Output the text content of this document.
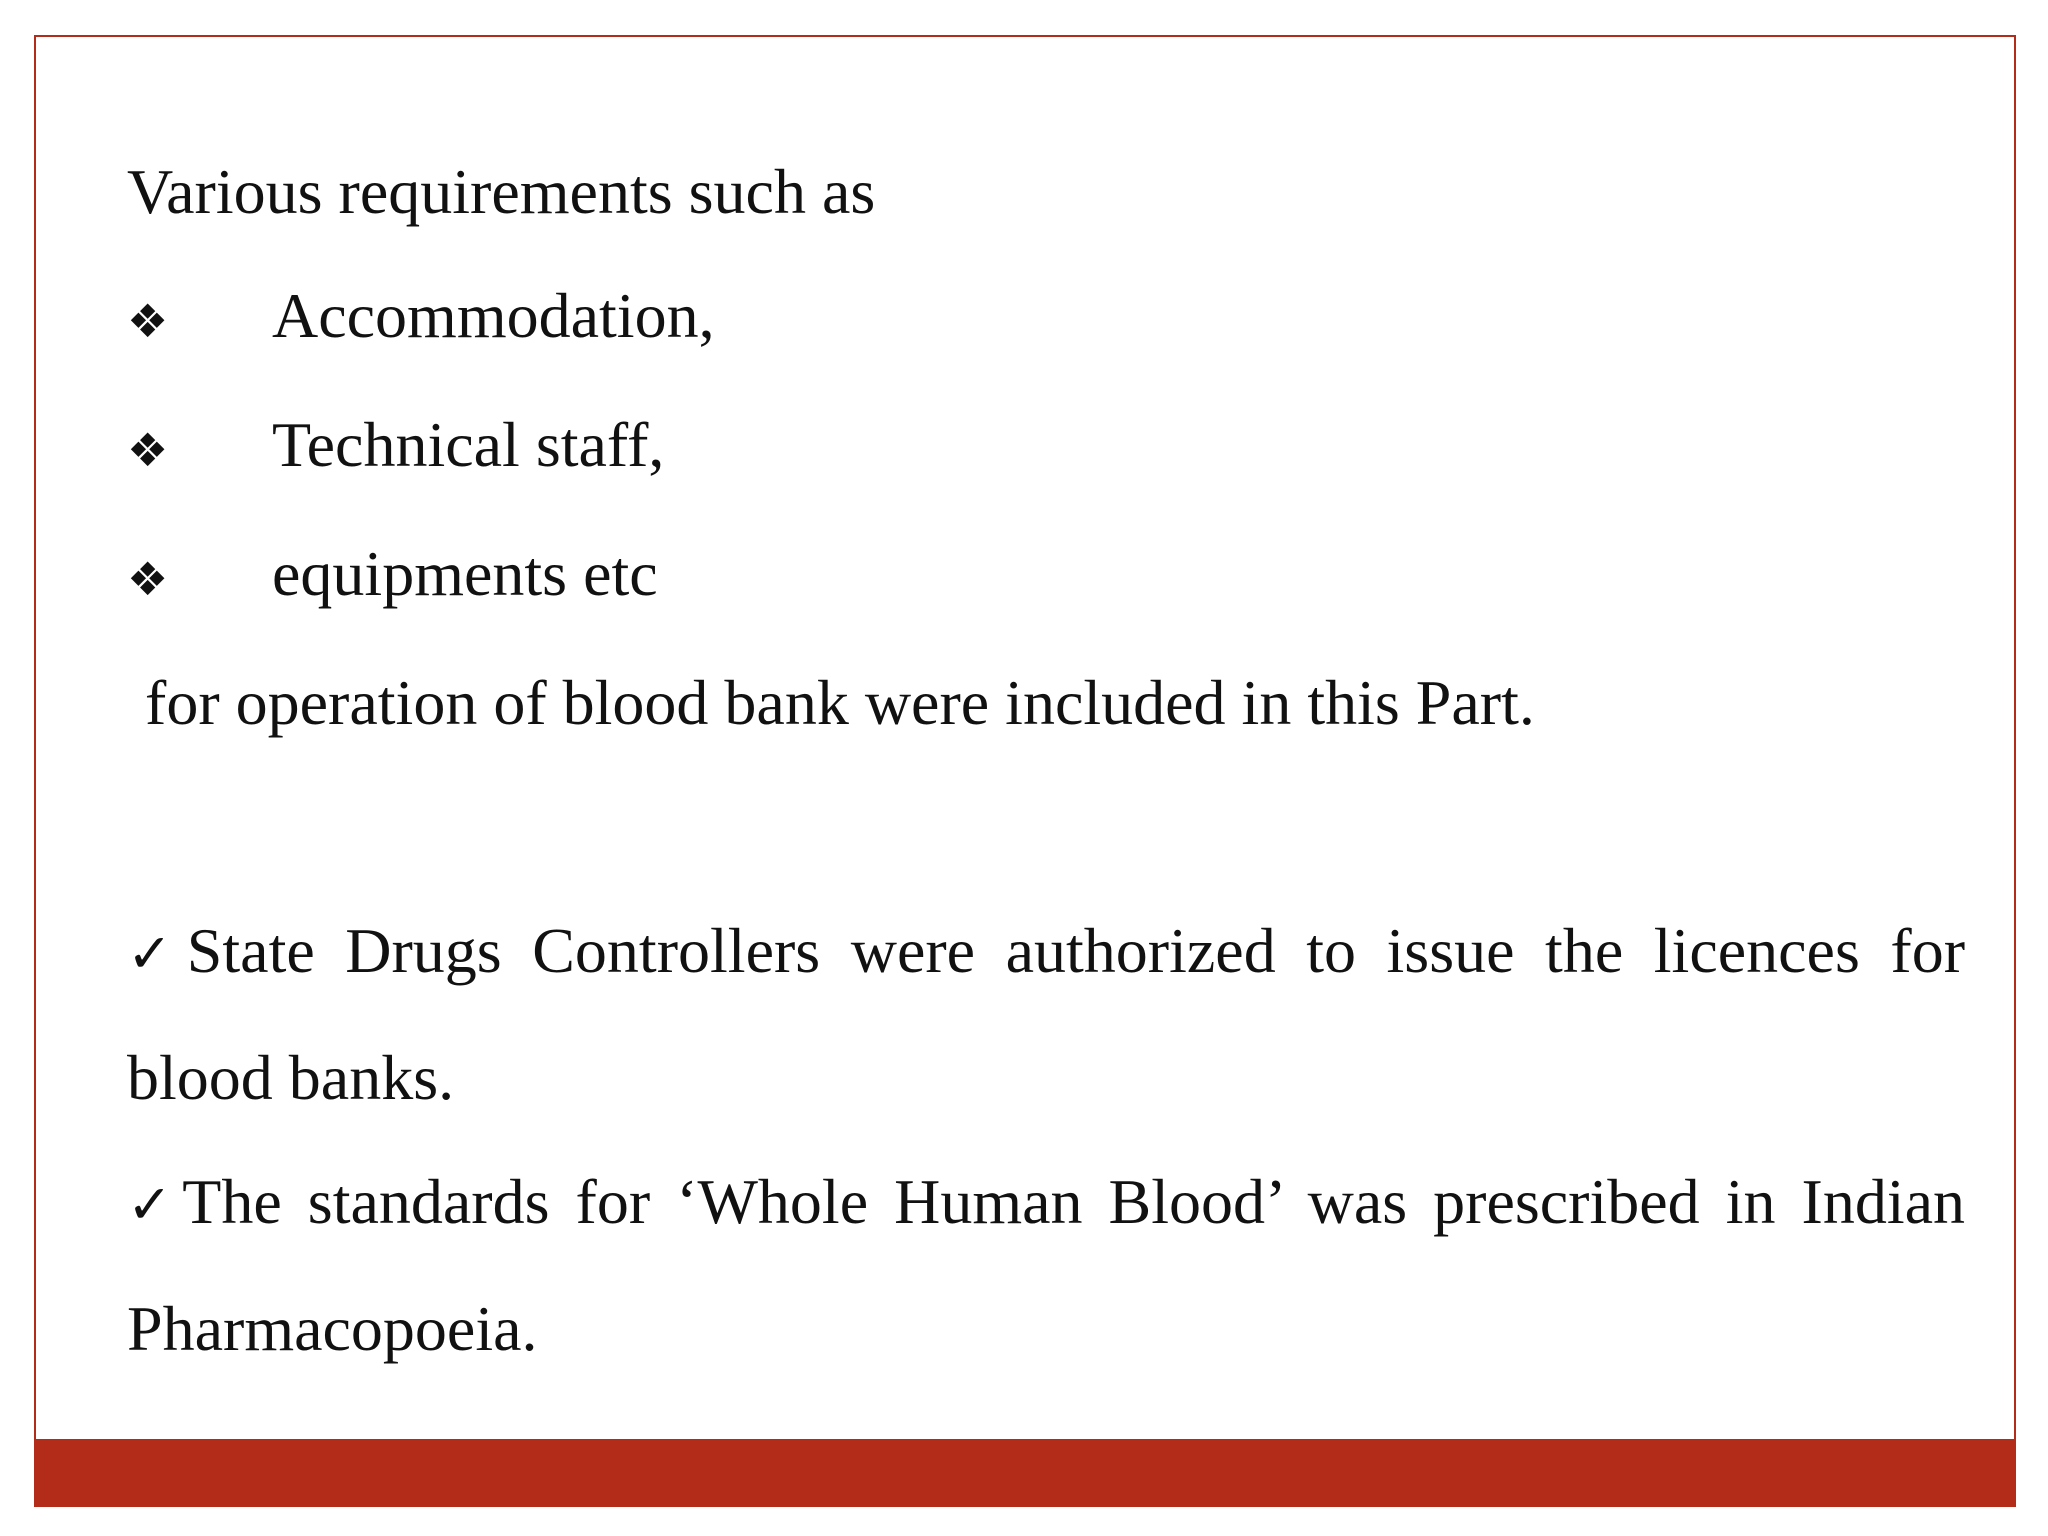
Various requirements such as

❖	Accommodation,
❖	Technical staff,
❖	equipments etc

for operation of blood bank were included in this Part.

✓State Drugs Controllers were authorized to issue the licences for blood banks.

✓The standards for ‘Whole Human Blood’ was prescribed in Indian Pharmacopoeia.
